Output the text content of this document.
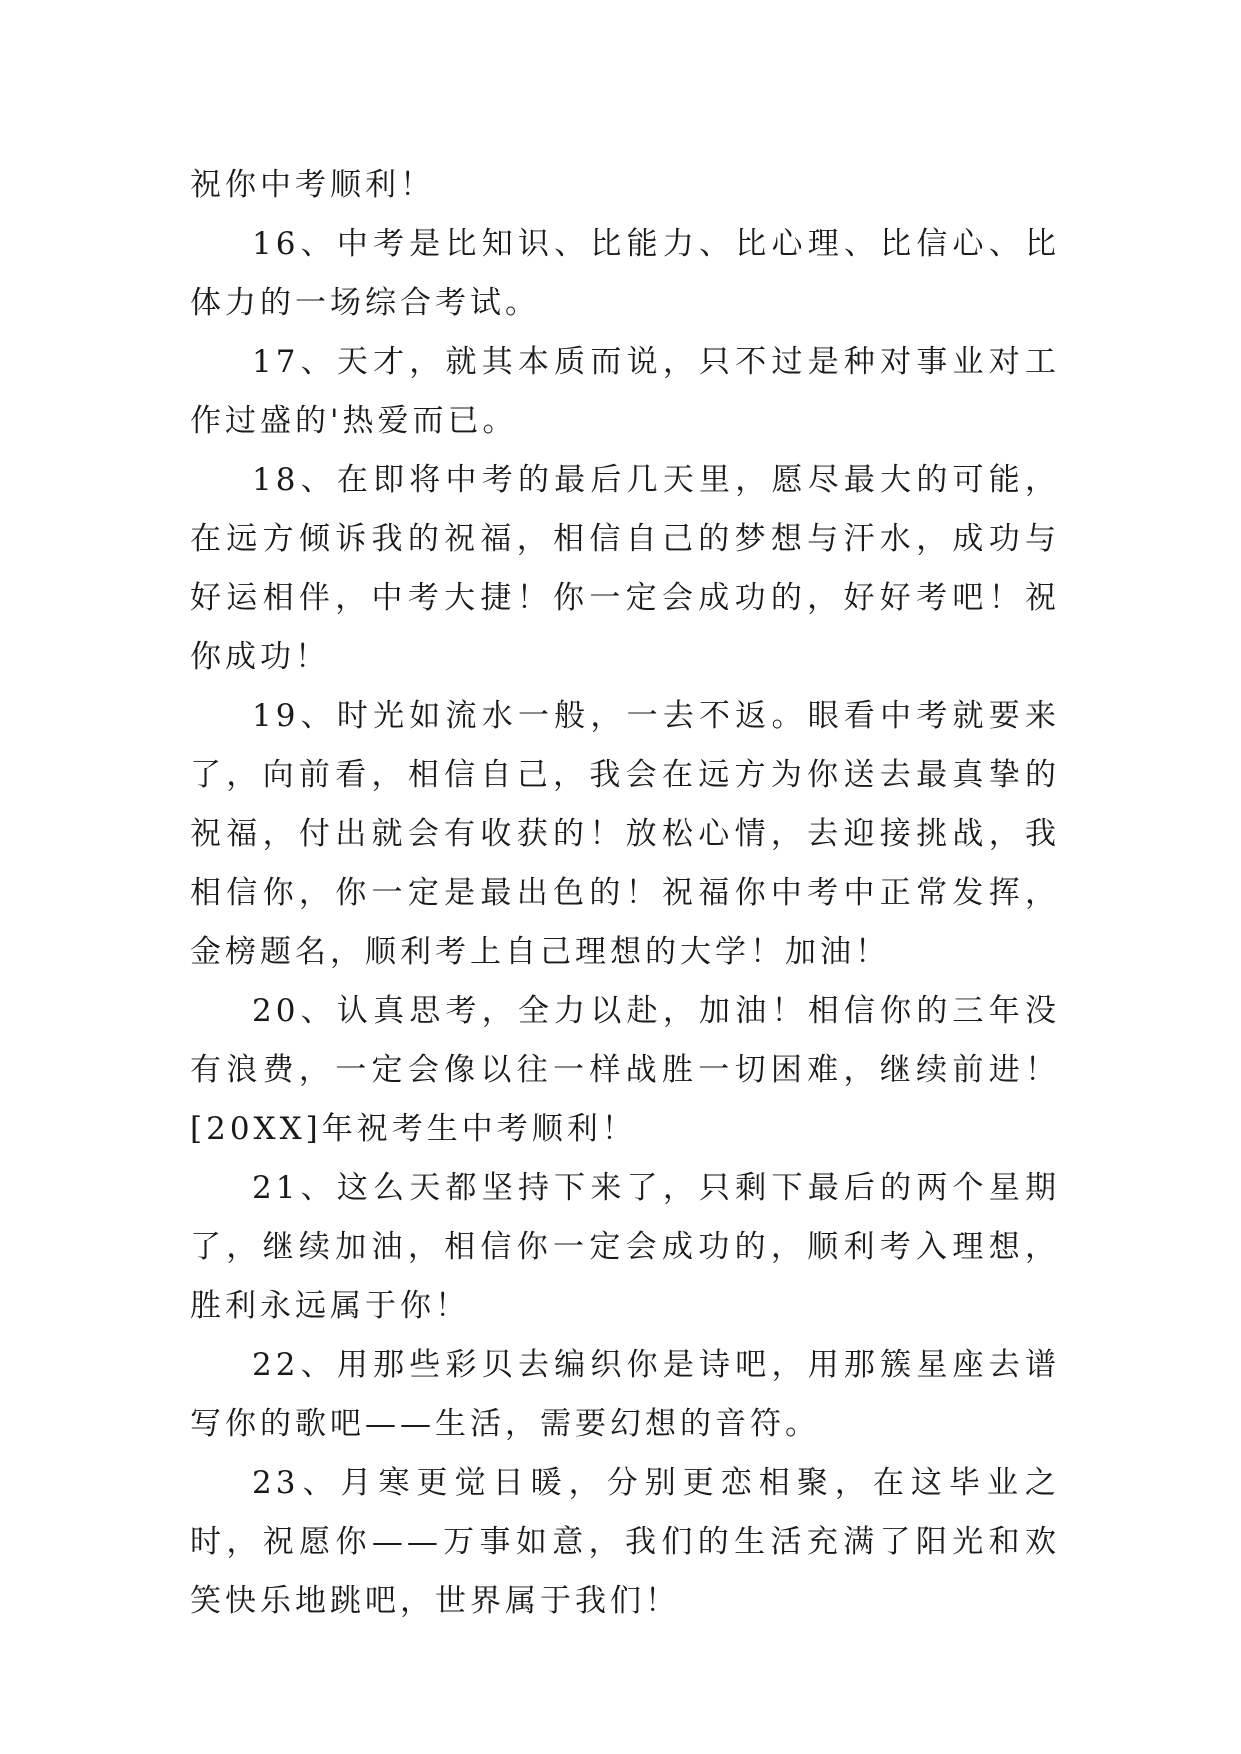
祝你中考顺利！

16、中考是比知识、比能力、比心理、比信心、比体力的一场综合考试。

17、天才，就其本质而说，只不过是种对事业对工作过盛的'热爱而已。

18、在即将中考的最后几天里，愿尽最大的可能，在远方倾诉我的祝福，相信自己的梦想与汗水，成功与好运相伴，中考大捷！你一定会成功的，好好考吧！祝你成功！

19、时光如流水一般，一去不返。眼看中考就要来了，向前看，相信自己，我会在远方为你送去最真挚的祝福，付出就会有收获的！放松心情，去迎接挑战，我相信你，你一定是最出色的！祝福你中考中正常发挥，金榜题名，顺利考上自己理想的大学！加油！

20、认真思考，全力以赴，加油！相信你的三年没有浪费，一定会像以往一样战胜一切困难，继续前进！[20XX]年祝考生中考顺利！

21、这么天都坚持下来了，只剩下最后的两个星期了，继续加油，相信你一定会成功的，顺利考入理想，胜利永远属于你！

22、用那些彩贝去编织你是诗吧，用那簇星座去谱写你的歌吧——生活，需要幻想的音符。

23、月寒更觉日暖，分别更恋相聚，在这毕业之时，祝愿你——万事如意，我们的生活充满了阳光和欢笑快乐地跳吧，世界属于我们！
